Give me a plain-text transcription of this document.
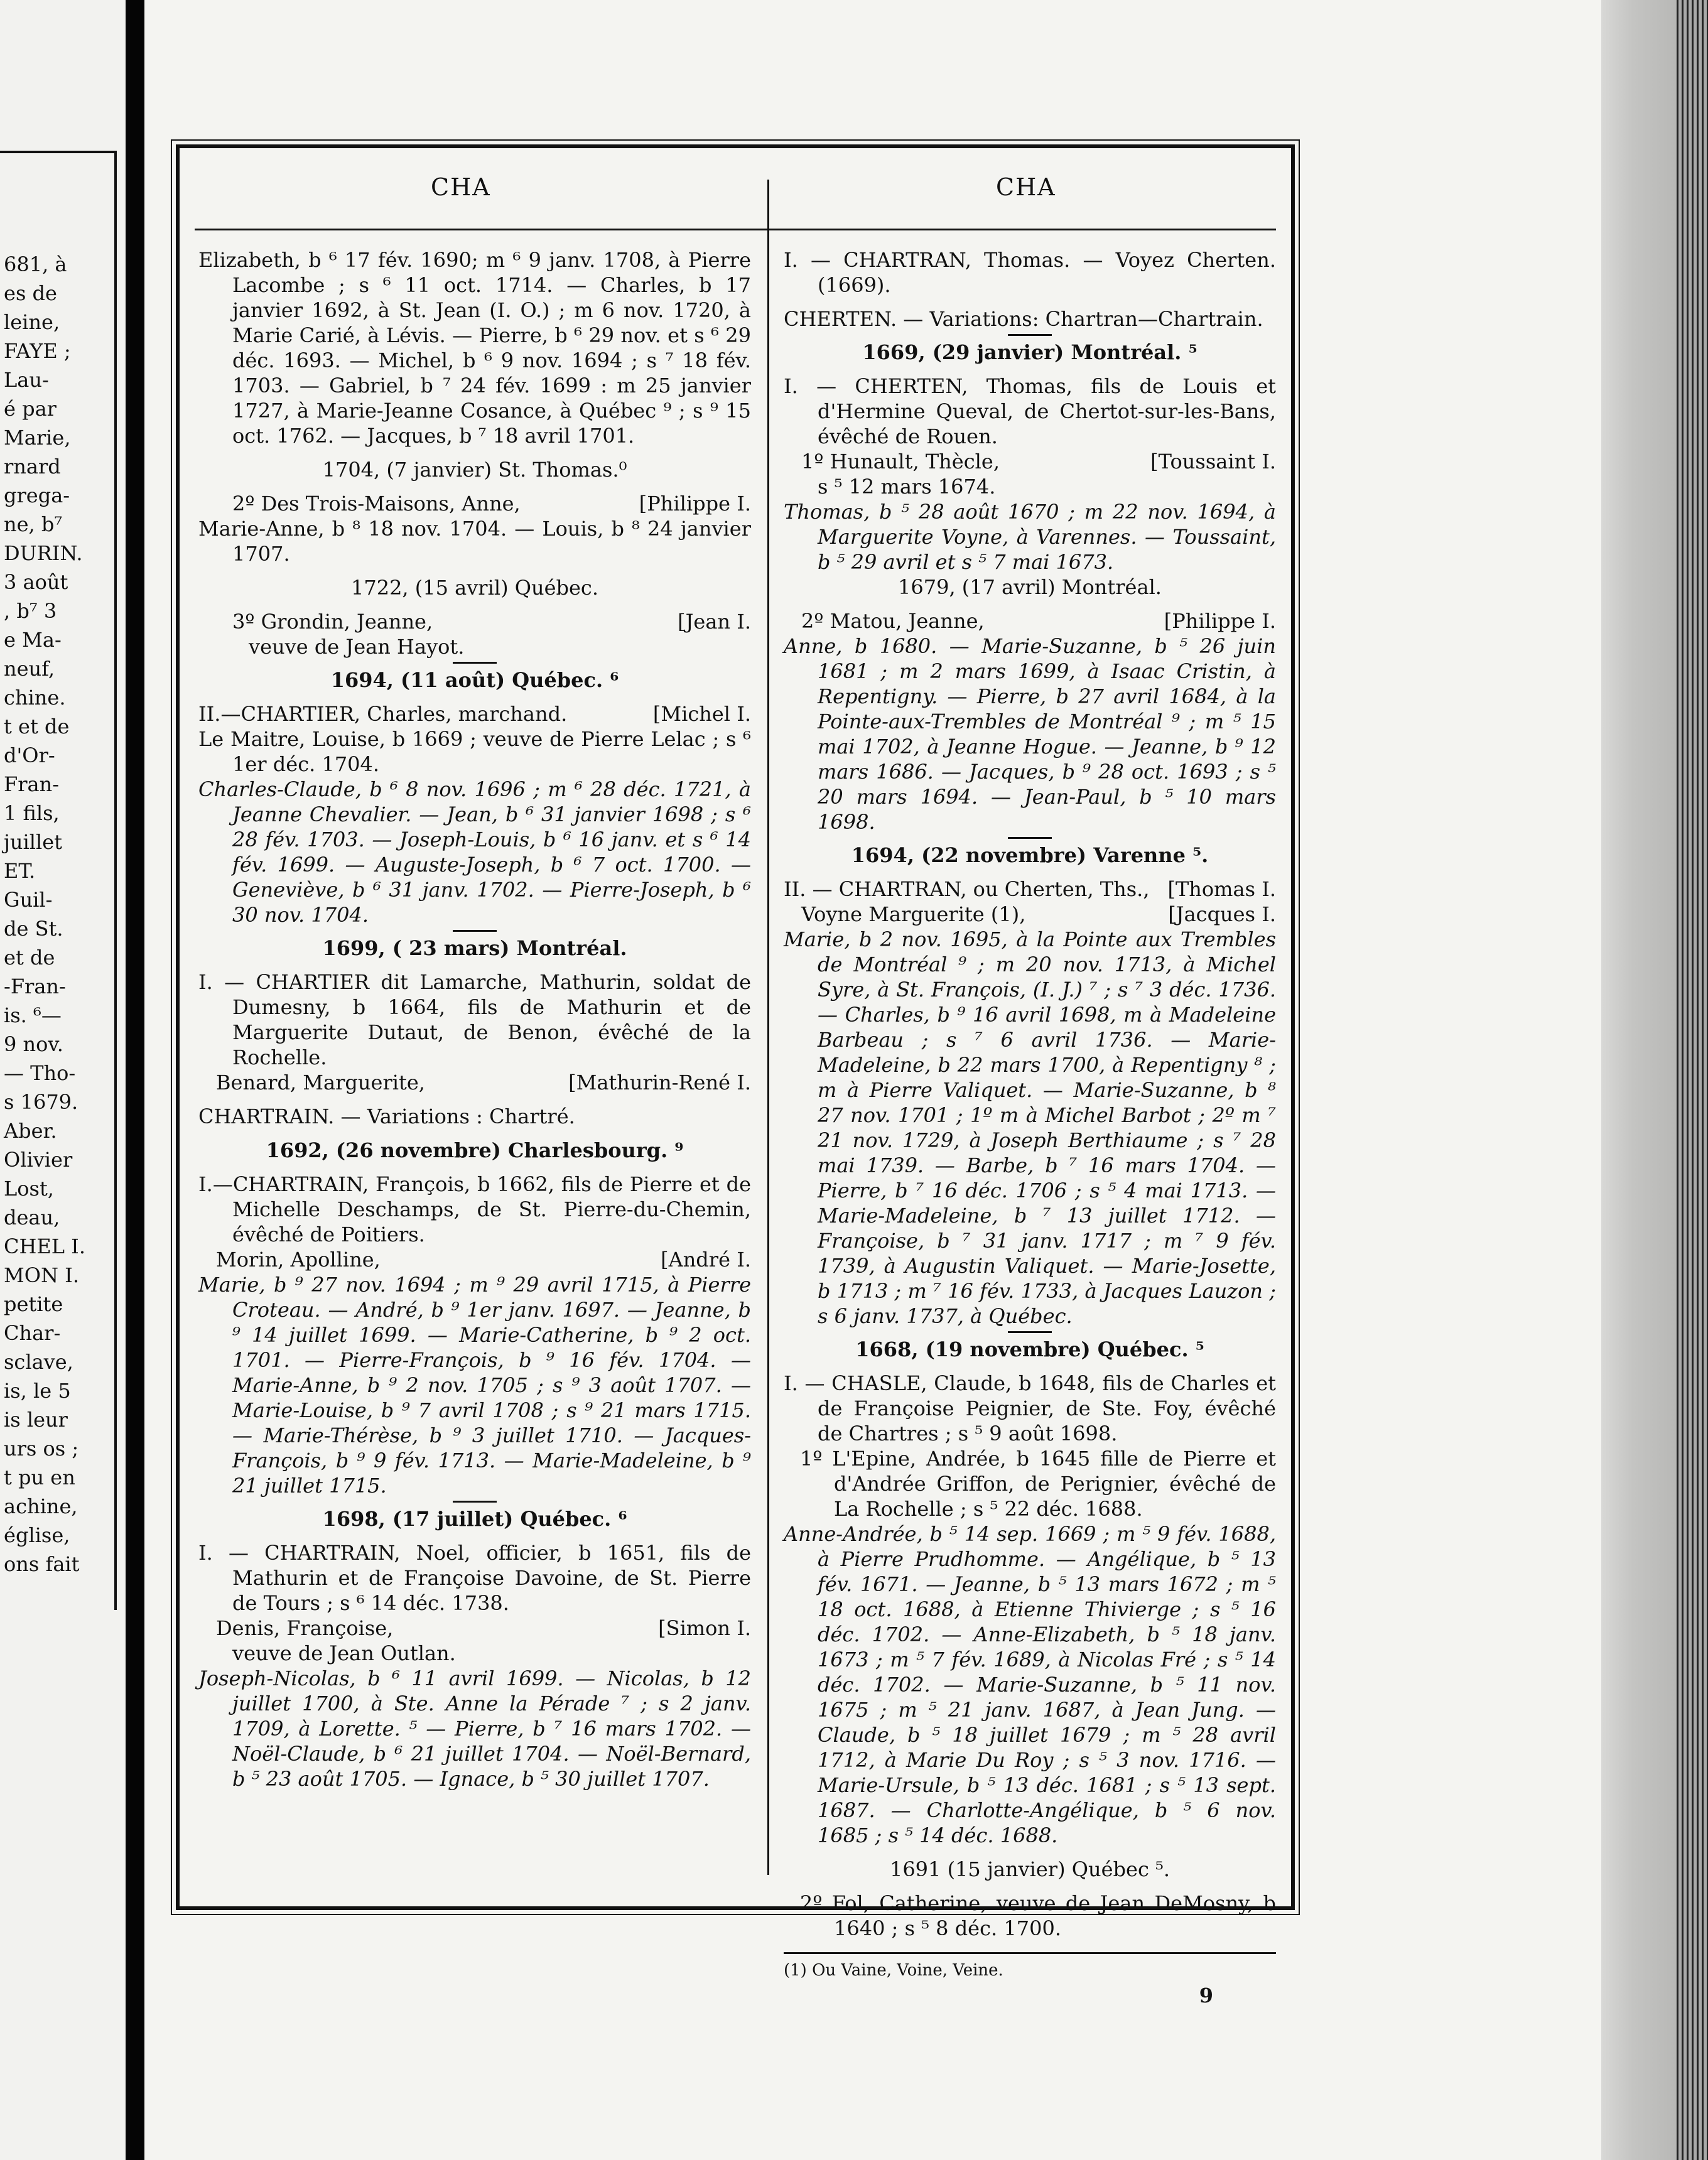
681, à
es de
leine,
FAYE ;
Lau-
é par
Marie,
rnard
grega-
ne, b⁷
DURIN.
3 août
, b⁷ 3
e Ma-
neuf,
chine.
t et de
d'Or-
Fran-
1 fils,
juillet
ET.
Guil-
de St.
et de
-Fran-
is. ⁶—
9 nov.
— Tho-
s 1679.
Aber.
Olivier
Lost,
deau,
CHEL I.
MON I.
petite
Char-
sclave,
is, le 5
is leur
urs os ;
t pu en
achine,
église,
ons fait
CHA	CHA

Elizabeth, b ⁶ 17 fév. 1690; m ⁶ 9 janv. 1708, à Pierre Lacombe ; s ⁶ 11 oct. 1714. — Charles, b 17 janvier 1692, à St. Jean (I. O.) ; m 6 nov. 1720, à Marie Carié, à Lévis. — Pierre, b ⁶ 29 nov. et s ⁶ 29 déc. 1693. — Michel, b ⁶ 9 nov. 1694 ; s ⁷ 18 fév. 1703. — Gabriel, b ⁷ 24 fév. 1699 : m 25 janvier 1727, à Marie-Jeanne Cosance, à Québec ⁹ ; s ⁹ 15 oct. 1762. — Jacques, b ⁷ 18 avril 1701.

1704, (7 janvier) St. Thomas.⁰

2º Des Trois-Maisons, Anne,	[Philippe I.

Marie-Anne, b ⁸ 18 nov. 1704. — Louis, b ⁸ 24 janvier 1707.

1722, (15 avril) Québec.

3º Grondin, Jeanne,	[Jean I.

veuve de Jean Hayot.

1694, (11 août) Québec. ⁶

II.—CHARTIER, Charles, marchand.	[Michel I.

Le Maitre, Louise, b 1669 ; veuve de Pierre Lelac ; s ⁶ 1er déc. 1704.

Charles-Claude, b ⁶ 8 nov. 1696 ; m ⁶ 28 déc. 1721, à Jeanne Chevalier. — Jean, b ⁶ 31 janvier 1698 ; s ⁶ 28 fév. 1703. — Joseph-Louis, b ⁶ 16 janv. et s ⁶ 14 fév. 1699. — Auguste-Joseph, b ⁶ 7 oct. 1700. — Geneviève, b ⁶ 31 janv. 1702. — Pierre-Joseph, b ⁶ 30 nov. 1704.

1699, ( 23 mars) Montréal.

I. — CHARTIER dit Lamarche, Mathurin, soldat de Dumesny, b 1664, fils de Mathurin et de Marguerite Dutaut, de Benon, évêché de la Rochelle.

Benard, Marguerite,	[Mathurin-René I.

CHARTRAIN. — Variations : Chartré.

1692, (26 novembre) Charlesbourg. ⁹

I.—CHARTRAIN, François, b 1662, fils de Pierre et de Michelle Deschamps, de St. Pierre-du-Chemin, évêché de Poitiers.

Morin, Apolline,	[André I.

Marie, b ⁹ 27 nov. 1694 ; m ⁹ 29 avril 1715, à Pierre Croteau. — André, b ⁹ 1er janv. 1697. — Jeanne, b ⁹ 14 juillet 1699. — Marie-Catherine, b ⁹ 2 oct. 1701. — Pierre-François, b ⁹ 16 fév. 1704. — Marie-Anne, b ⁹ 2 nov. 1705 ; s ⁹ 3 août 1707. — Marie-Louise, b ⁹ 7 avril 1708 ; s ⁹ 21 mars 1715. — Marie-Thérèse, b ⁹ 3 juillet 1710. — Jacques-François, b ⁹ 9 fév. 1713. — Marie-Madeleine, b ⁹ 21 juillet 1715.

1698, (17 juillet) Québec. ⁶

I. — CHARTRAIN, Noel, officier, b 1651, fils de Mathurin et de Françoise Davoine, de St. Pierre de Tours ; s ⁶ 14 déc. 1738.

Denis, Françoise,	[Simon I.

veuve de Jean Outlan.

Joseph-Nicolas, b ⁶ 11 avril 1699. — Nicolas, b 12 juillet 1700, à Ste. Anne la Pérade ⁷ ; s 2 janv. 1709, à Lorette. ⁵ — Pierre, b ⁷ 16 mars 1702. — Noël-Claude, b ⁶ 21 juillet 1704. — Noël-Bernard, b ⁵ 23 août 1705. — Ignace, b ⁵ 30 juillet 1707.

I. — CHARTRAN, Thomas. — Voyez Cherten. (1669).

CHERTEN. — Variations: Chartran—Chartrain.

1669, (29 janvier) Montréal. ⁵

I. — CHERTEN, Thomas, fils de Louis et d'Hermine Queval, de Chertot-sur-les-Bans, évêché de Rouen.

1º Hunault, Thècle,	[Toussaint I.

s ⁵ 12 mars 1674.

Thomas, b ⁵ 28 août 1670 ; m 22 nov. 1694, à Marguerite Voyne, à Varennes. — Toussaint, b ⁵ 29 avril et s ⁵ 7 mai 1673.

1679, (17 avril) Montréal.

2º Matou, Jeanne,	[Philippe I.

Anne, b 1680. — Marie-Suzanne, b ⁵ 26 juin 1681 ; m 2 mars 1699, à Isaac Cristin, à Repentigny. — Pierre, b 27 avril 1684, à la Pointe-aux-Trembles de Montréal ⁹ ; m ⁵ 15 mai 1702, à Jeanne Hogue. — Jeanne, b ⁹ 12 mars 1686. — Jacques, b ⁹ 28 oct. 1693 ; s ⁵ 20 mars 1694. — Jean-Paul, b ⁵ 10 mars 1698.

1694, (22 novembre) Varenne ⁵.

II. — CHARTRAN, ou Cherten, Ths., [Thomas I.
Voyne Marguerite (1),	[Jacques I.

Marie, b 2 nov. 1695, à la Pointe aux Trembles de Montréal ⁹ ; m 20 nov. 1713, à Michel Syre, à St. François, (I. J.) ⁷ ; s ⁷ 3 déc. 1736. — Charles, b ⁹ 16 avril 1698, m à Madeleine Barbeau ; s ⁷ 6 avril 1736. — Marie-Madeleine, b 22 mars 1700, à Repentigny ⁸ ; m à Pierre Valiquet. — Marie-Suzanne, b ⁸ 27 nov. 1701 ; 1º m à Michel Barbot ; 2º m ⁷ 21 nov. 1729, à Joseph Berthiaume ; s ⁷ 28 mai 1739. — Barbe, b ⁷ 16 mars 1704. — Pierre, b ⁷ 16 déc. 1706 ; s ⁵ 4 mai 1713. — Marie-Madeleine, b ⁷ 13 juillet 1712. — Françoise, b ⁷ 31 janv. 1717 ; m ⁷ 9 fév. 1739, à Augustin Valiquet. — Marie-Josette, b 1713 ; m ⁷ 16 fév. 1733, à Jacques Lauzon ; s 6 janv. 1737, à Québec.

1668, (19 novembre) Québec. ⁵

I. — CHASLE, Claude, b 1648, fils de Charles et de Françoise Peignier, de Ste. Foy, évêché de Chartres ; s ⁵ 9 août 1698.

1º L'Epine, Andrée, b 1645 fille de Pierre et d'Andrée Griffon, de Perignier, évêché de La Rochelle ; s ⁵ 22 déc. 1688.

Anne-Andrée, b ⁵ 14 sep. 1669 ; m ⁵ 9 fév. 1688, à Pierre Prudhomme. — Angélique, b ⁵ 13 fév. 1671. — Jeanne, b ⁵ 13 mars 1672 ; m ⁵ 18 oct. 1688, à Etienne Thivierge ; s ⁵ 16 déc. 1702. — Anne-Elizabeth, b ⁵ 18 janv. 1673 ; m ⁵ 7 fév. 1689, à Nicolas Fré ; s ⁵ 14 déc. 1702. — Marie-Suzanne, b ⁵ 11 nov. 1675 ; m ⁵ 21 janv. 1687, à Jean Jung. — Claude, b ⁵ 18 juillet 1679 ; m ⁵ 28 avril 1712, à Marie Du Roy ; s ⁵ 3 nov. 1716. — Marie-Ursule, b ⁵ 13 déc. 1681 ; s ⁵ 13 sept. 1687. — Charlotte-Angélique, b ⁵ 6 nov. 1685 ; s ⁵ 14 déc. 1688.

1691 (15 janvier) Québec ⁵.

2º Fol, Catherine, veuve de Jean DeMosny, b 1640 ; s ⁵ 8 déc. 1700.

(1) Ou Vaine, Voine, Veine.

9
